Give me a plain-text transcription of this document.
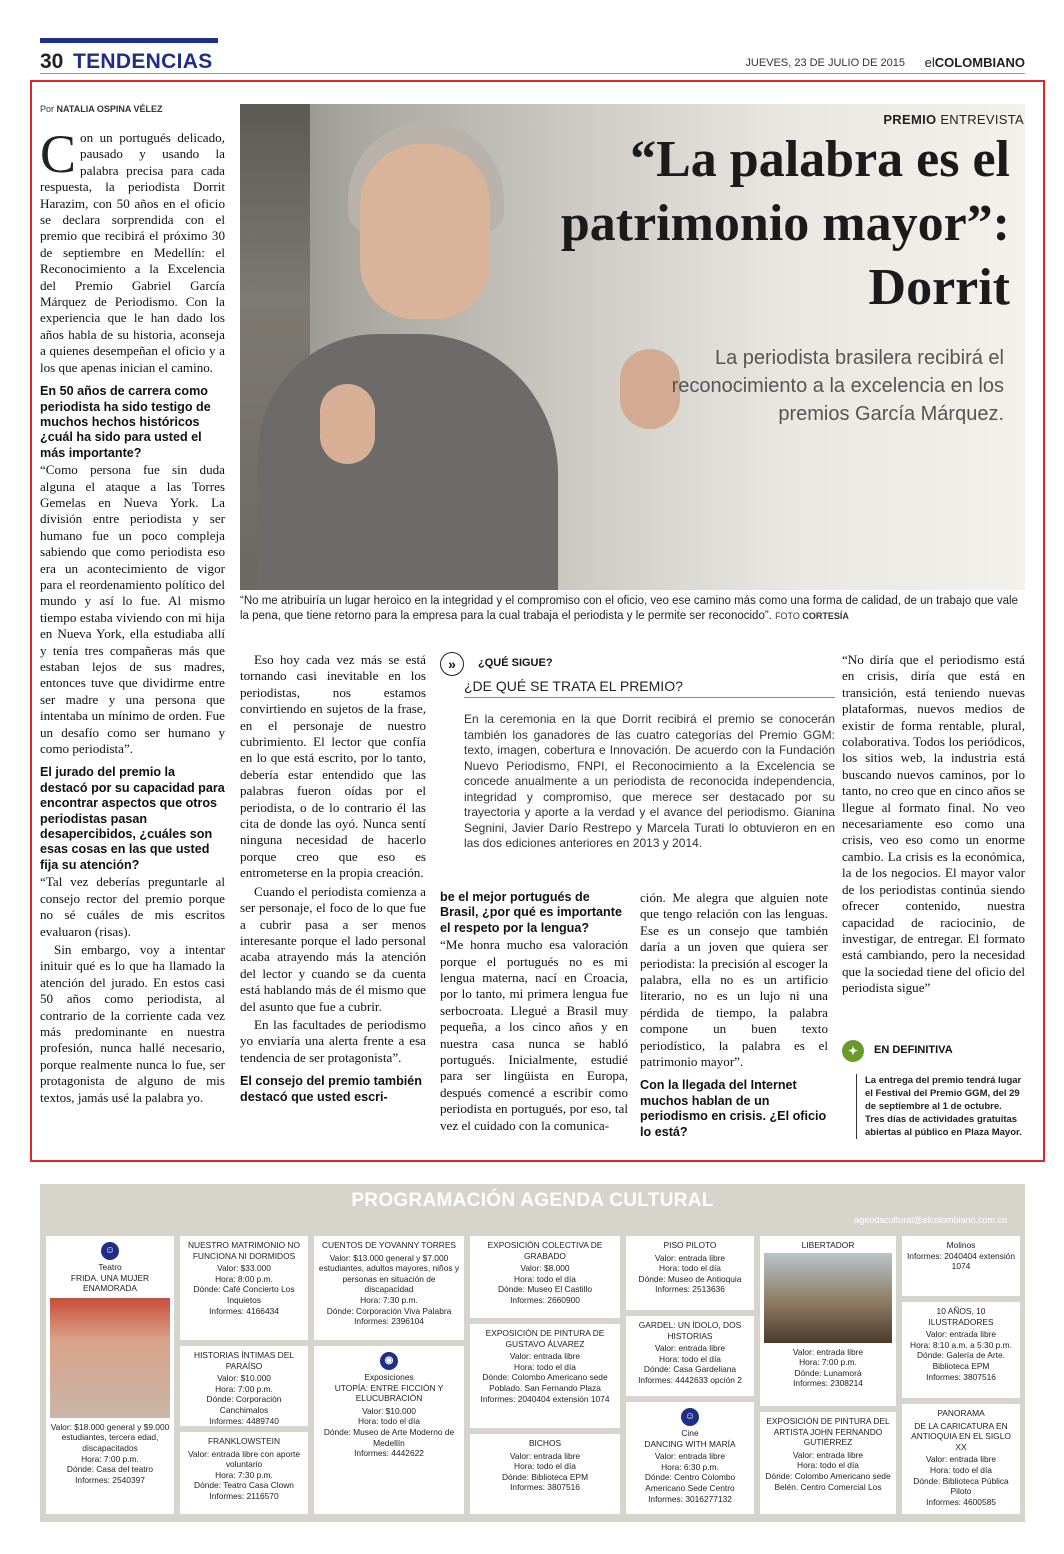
30 TENDENCIAS	JUEVES, 23 DE JULIO DE 2015 elCOLOMBIANO
Por NATALIA OSPINA VÉLEZ

Con un portugués delicado, pausado y usando la palabra precisa para cada respuesta, la periodista Dorrit Harazim, con 50 años en el oficio se declara sorprendida con el premio que recibirá el próximo 30 de septiembre en Medellín: el Reconocimiento a la Excelencia del Premio Gabriel García Márquez de Periodismo. Con la experiencia que le han dado los años habla de su historia, aconseja a quienes desempeñan el oficio y a los que apenas inician el camino.

En 50 años de carrera como periodista ha sido testigo de muchos hechos históricos ¿cuál ha sido para usted el más importante?

“Como persona fue sin duda alguna el ataque a las Torres Gemelas en Nueva York. La división entre periodista y ser humano fue un poco compleja sabiendo que como periodista eso era un acontecimiento de vigor para el reordenamiento político del mundo y así lo fue. Al mismo tiempo estaba viviendo con mi hija en Nueva York, ella estudiaba allí y tenía tres compañeras más que estaban lejos de sus madres, entonces tuve que dividirme entre ser madre y una persona que intentaba un mínimo de orden. Fue un desafío como ser humano y como periodista”.

El jurado del premio la destacó por su capacidad para encontrar aspectos que otros periodistas pasan desapercibidos, ¿cuáles son esas cosas en las que usted fija su atención?

“Tal vez deberías preguntarle al consejo rector del premio porque no sé cuáles de mis escritos evaluaron (risas).

Sin embargo, voy a intentar inituir qué es lo que ha llamado la atención del jurado. En estos casi 50 años como periodista, al contrario de la corriente cada vez más predominante en nuestra profesión, nunca hallé necesario, porque realmente nunca lo fue, ser protagonista de alguno de mis textos, jamás usé la palabra yo.

PREMIO ENTREVISTA
“La palabra es el patrimonio mayor”: Dorrit
La periodista brasilera recibirá el reconocimiento a la excelencia en los premios García Márquez.
“No me atribuiría un lugar heroico en la integridad y el compromiso con el oficio, veo ese camino más como una forma de calidad, de un trabajo que vale la pena, que tiene retorno para la empresa para la cual trabaja el periodista y le permite ser reconocido”. FOTO CORTESÍA

Eso hoy cada vez más se está tornando casi inevitable en los periodistas, nos estamos convirtiendo en sujetos de la frase, en el personaje de nuestro cubrimiento. El lector que confía en lo que está escrito, por lo tanto, debería estar entendido que las palabras fueron oídas por el periodista, o de lo contrario él las cita de donde las oyó. Nunca sentí ninguna necesidad de hacerlo porque creo que eso es entrometerse en la propia creación.

Cuando el periodista comienza a ser personaje, el foco de lo que fue a cubrir pasa a ser menos interesante porque el lado personal acaba atrayendo más la atención del lector y cuando se da cuenta está hablando más de él mismo que del asunto que fue a cubrir.

En las facultades de periodismo yo enviaría una alerta frente a esa tendencia de ser protagonista”.

El consejo del premio también destacó que usted escri-
»	¿QUÉ SIGUE?
¿DE QUÉ SE TRATA EL PREMIO?
En la ceremonia en la que Dorrit recibirá el premio se conocerán también los ganadores de las cuatro categorías del Premio GGM: texto, imagen, cobertura e Innovación. De acuerdo con la Fundación Nuevo Periodismo, FNPI, el Reconocimiento a la Excelencia se concede anualmente a un periodista de reconocida independencia, integridad y compromiso, que merece ser destacado por su trayectoria y aporte a la verdad y el avance del periodismo. Gianina Segnini, Javier Darío Restrepo y Marcela Turati lo obtuvieron en en las dos ediciones anteriores en 2013 y 2014.
be el mejor portugués de Brasil, ¿por qué es importante el respeto por la lengua?

“Me honra mucho esa valoración porque el portugués no es mi lengua materna, nací en Croacia, por lo tanto, mi primera lengua fue serbocroata. Llegué a Brasil muy pequeña, a los cinco años y en nuestra casa nunca se habló portugués. Inicialmente, estudié para ser lingüista en Europa, después comencé a escribir como periodista en portugués, por eso, tal vez el cuidado con la comunica-

ción. Me alegra que alguien note que tengo relación con las lenguas. Ese es un consejo que también daría a un joven que quiera ser periodista: la precisión al escoger la palabra, ella no es un artificio literario, no es un lujo ni una pérdida de tiempo, la palabra compone un buen texto periodístico, la palabra es el patrimonio mayor”.

Con la llegada del Internet muchos hablan de un periodismo en crisis. ¿El oficio lo está?

“No diría que el periodismo está en crisis, diría que está en transición, está teniendo nuevas plataformas, nuevos medios de existir de forma rentable, plural, colaborativa. Todos los periódicos, los sitios web, la industria está buscando nuevos caminos, por lo tanto, no creo que en cinco años se llegue al formato final. No veo necesariamente eso como una crisis, veo eso como un enorme cambio. La crisis es la económica, la de los negocios. El mayor valor de los periodistas continúa siendo ofrecer contenido, nuestra capacidad de raciocinio, de investigar, de entregar. El formato está cambiando, pero la necesidad que la sociedad tiene del oficio del periodista sigue”

✦	EN DEFINITIVA
La entrega del premio tendrá lugar el Festival del Premio GGM, del 29 de septiembre al 1 de octubre. Tres días de actividades gratuitas abiertas al público en Plaza Mayor.
PROGRAMACIÓN AGENDA CULTURAL
agendacultural@elcolombiano.com.co
☺
Teatro
FRIDA. UNA MUJER ENAMORADA
Valor: $18.000 general y $9.000 estudiantes, tercera edad, discapacitados
Hora: 7:00 p.m.
Dónde: Casa del teatro
Informes: 2540397
NUESTRO MATRIMONIO NO FUNCIONA NI DORMIDOS
Valor: $33.000
Hora: 8:00 p.m.
Dónde: Café Concierto Los Inquietos
Informes: 4166434
HISTORIAS ÍNTIMAS DEL PARAÍSO
Valor: $10.000
Hora: 7:00 p.m.
Dónde: Corporación Canchimalos
Informes: 4489740
FRANKLOWSTEIN
Valor: entrada libre con aporte voluntario
Hora: 7:30 p.m.
Dónde: Teatro Casa Clown
Informes: 2116570
CUENTOS DE YOVANNY TORRES
Valor: $13.000 general y $7.000 estudiantes, adultos mayores, niños y personas en situación de discapacidad
Hora: 7:30 p.m.
Dónde: Corporación Viva Palabra
Informes: 2396104
◉
Exposiciones
UTOPÍA: ENTRE FICCIÓN Y ELUCUBRACIÓN
Valor: $10.000
Hora: todo el día
Dónde: Museo de Arte Moderno de Medellín
Informes: 4442622
EXPOSICIÓN COLECTIVA DE GRABADO
Valor: $8.000
Hora: todo el día
Dónde: Museo El Castillo
Informes: 2660900
EXPOSICIÓN DE PINTURA DE GUSTAVO ÁLVAREZ
Valor: entrada libre
Hora: todo el día
Dónde: Colombo Americano sede Poblado. San Fernando Plaza
Informes: 2040404 extensión 1074
BICHOS
Valor: entrada libre
Hora: todo el día
Dónde: Biblioteca EPM
Informes: 3807516
PISO PILOTO
Valor: entrada libre
Hora: todo el día
Dónde: Museo de Antioquia
Informes: 2513636
GARDEL: UN ÍDOLO, DOS HISTORIAS
Valor: entrada libre
Hora: todo el día
Dónde: Casa Gardeliana
Informes: 4442633 opción 2
☺
Cine
DANCING WITH MARÍA
Valor: entrada libre
Hora: 6:30 p.m.
Dónde: Centro Colombo Americano Sede Centro
Informes: 3016277132
LIBERTADOR
Valor: entrada libre
Hora: 7:00 p.m.
Dónde: Lunamorá
Informes: 2308214
EXPOSICIÓN DE PINTURA DEL ARTISTA JOHN FERNANDO GUTIÉRREZ
Valor: entrada libre
Hora: todo el día
Dónde: Colombo Americano sede Belén. Centro Comercial Los
Molinos
Informes: 2040404 extensión 1074
10 AÑOS, 10 ILUSTRADORES
Valor: entrada libre
Hora: 8:10 a.m. a 5:30 p.m.
Dónde: Galería de Arte. Biblioteca EPM
Informes: 3807516
PANORAMA
DE LA CARICATURA EN ANTIOQUIA EN EL SIGLO XX
Valor: entrada libre
Hora: todo el día
Dónde: Biblioteca Pública Piloto
Informes: 4600585
